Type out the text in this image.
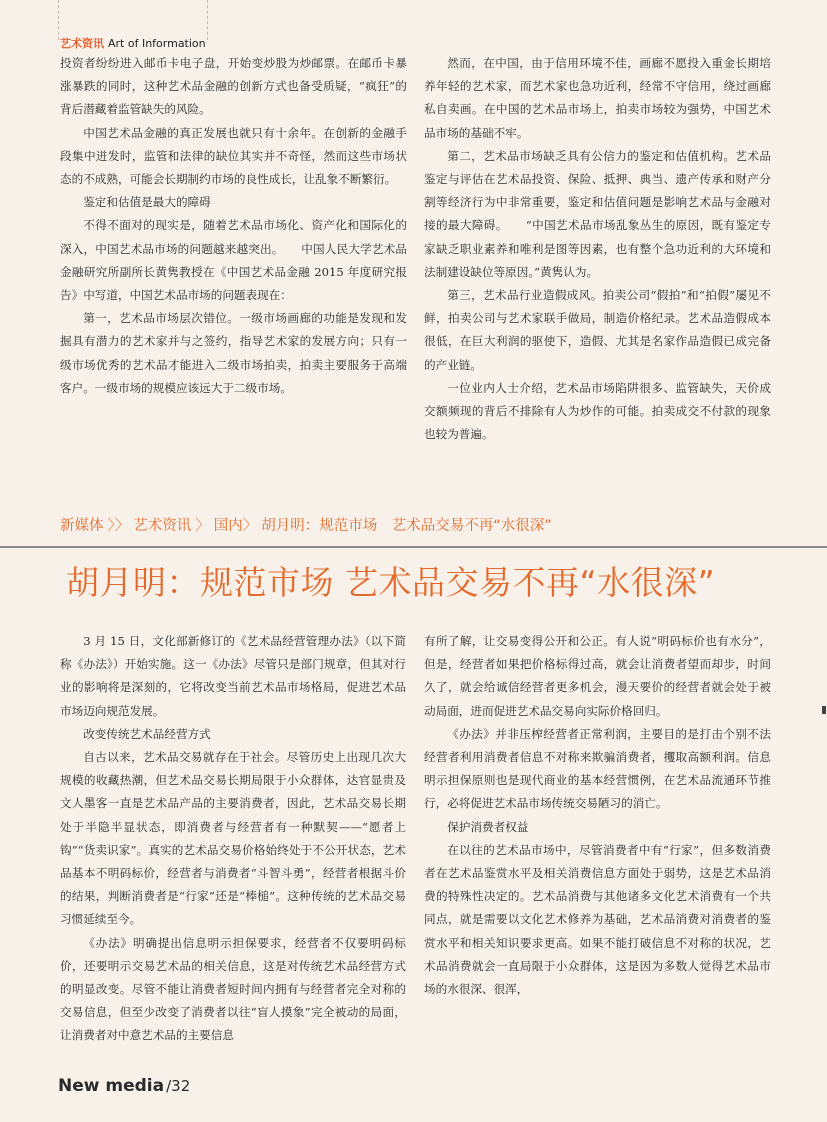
艺术资讯 Art of Information

投资者纷纷进入邮币卡电子盘，开始变炒股为炒邮票。在邮币卡暴涨暴跌的同时，这种艺术品金融的创新方式也备受质疑，“疯狂”的背后潜藏着监管缺失的风险。

中国艺术品金融的真正发展也就只有十余年。在创新的金融手段集中迸发时，监管和法律的缺位其实并不奇怪，然而这些市场状态的不成熟，可能会长期制约市场的良性成长，让乱象不断繁衍。

鉴定和估值是最大的障碍

不得不面对的现实是，随着艺术品市场化、资产化和国际化的深入，中国艺术品市场的问题越来越突出。　　中国人民大学艺术品金融研究所副所长黄隽教授在《中国艺术品金融 2015 年度研究报告》中写道，中国艺术品市场的问题表现在：

第一，艺术品市场层次错位。一级市场画廊的功能是发现和发掘具有潜力的艺术家并与之签约，指导艺术家的发展方向；只有一级市场优秀的艺术品才能进入二级市场拍卖，拍卖主要服务于高端客户。一级市场的规模应该远大于二级市场。

然而，在中国，由于信用环境不佳，画廊不愿投入重金长期培养年轻的艺术家，而艺术家也急功近利，经常不守信用，绕过画廊私自卖画。在中国的艺术品市场上，拍卖市场较为强势，中国艺术品市场的基础不牢。

第二，艺术品市场缺乏具有公信力的鉴定和估值机构。艺术品鉴定与评估在艺术品投资、保险、抵押、典当、遗产传承和财产分割等经济行为中非常重要，鉴定和估值问题是影响艺术品与金融对接的最大障碍。　　“中国艺术品市场乱象丛生的原因，既有鉴定专家缺乏职业素养和唯利是图等因素，也有整个急功近利的大环境和法制建设缺位等原因。”黄隽认为。

第三，艺术品行业造假成风。拍卖公司“假拍”和“拍假”屡见不鲜，拍卖公司与艺术家联手做局，制造价格纪录。艺术品造假成本很低，在巨大利润的驱使下，造假、尤其是名家作品造假已成完备的产业链。

一位业内人士介绍，艺术品市场陷阱很多、监管缺失，天价成交额频现的背后不排除有人为炒作的可能。拍卖成交不付款的现象也较为普遍。

新媒体 〉〉 艺术资讯 〉 国内〉 胡月明：规范市场　艺术品交易不再“水很深”
胡月明：规范市场 艺术品交易不再“水很深”

3 月 15 日，文化部新修订的《艺术品经营管理办法》（以下简称《办法》）开始实施。这一《办法》尽管只是部门规章，但其对行业的影响将是深刻的，它将改变当前艺术品市场格局，促进艺术品市场迈向规范发展。

改变传统艺术品经营方式

自古以来，艺术品交易就存在于社会。尽管历史上出现几次大规模的收藏热潮，但艺术品交易长期局限于小众群体，达官显贵及文人墨客一直是艺术品产品的主要消费者，因此，艺术品交易长期处于半隐半显状态，即消费者与经营者有一种默契——“愿者上钩”“货卖识家”。真实的艺术品交易价格始终处于不公开状态，艺术品基本不明码标价，经营者与消费者“斗智斗勇”，经营者根据斗价的结果，判断消费者是“行家”还是“棒槌”。这种传统的艺术品交易习惯延续至今。

《办法》明确提出信息明示担保要求，经营者不仅要明码标价，还要明示交易艺术品的相关信息，这是对传统艺术品经营方式的明显改变。尽管不能让消费者短时间内拥有与经营者完全对称的交易信息，但至少改变了消费者以往“盲人摸象”完全被动的局面，让消费者对中意艺术品的主要信息

有所了解，让交易变得公开和公正。有人说“明码标价也有水分”，但是，经营者如果把价格标得过高，就会让消费者望而却步，时间久了，就会给诚信经营者更多机会，漫天要价的经营者就会处于被动局面，进而促进艺术品交易向实际价格回归。

《办法》并非压榨经营者正常利润，主要目的是打击个别不法经营者利用消费者信息不对称来欺骗消费者，攫取高额利润。信息明示担保原则也是现代商业的基本经营惯例，在艺术品流通环节推行，必将促进艺术品市场传统交易陋习的消亡。

保护消费者权益

在以往的艺术品市场中，尽管消费者中有“行家”，但多数消费者在艺术品鉴赏水平及相关消费信息方面处于弱势，这是艺术品消费的特殊性决定的。艺术品消费与其他诸多文化艺术消费有一个共同点，就是需要以文化艺术修养为基础，艺术品消费对消费者的鉴赏水平和相关知识要求更高。如果不能打破信息不对称的状况，艺术品消费就会一直局限于小众群体，这是因为多数人觉得艺术品市场的水很深、很浑，

New media /32
